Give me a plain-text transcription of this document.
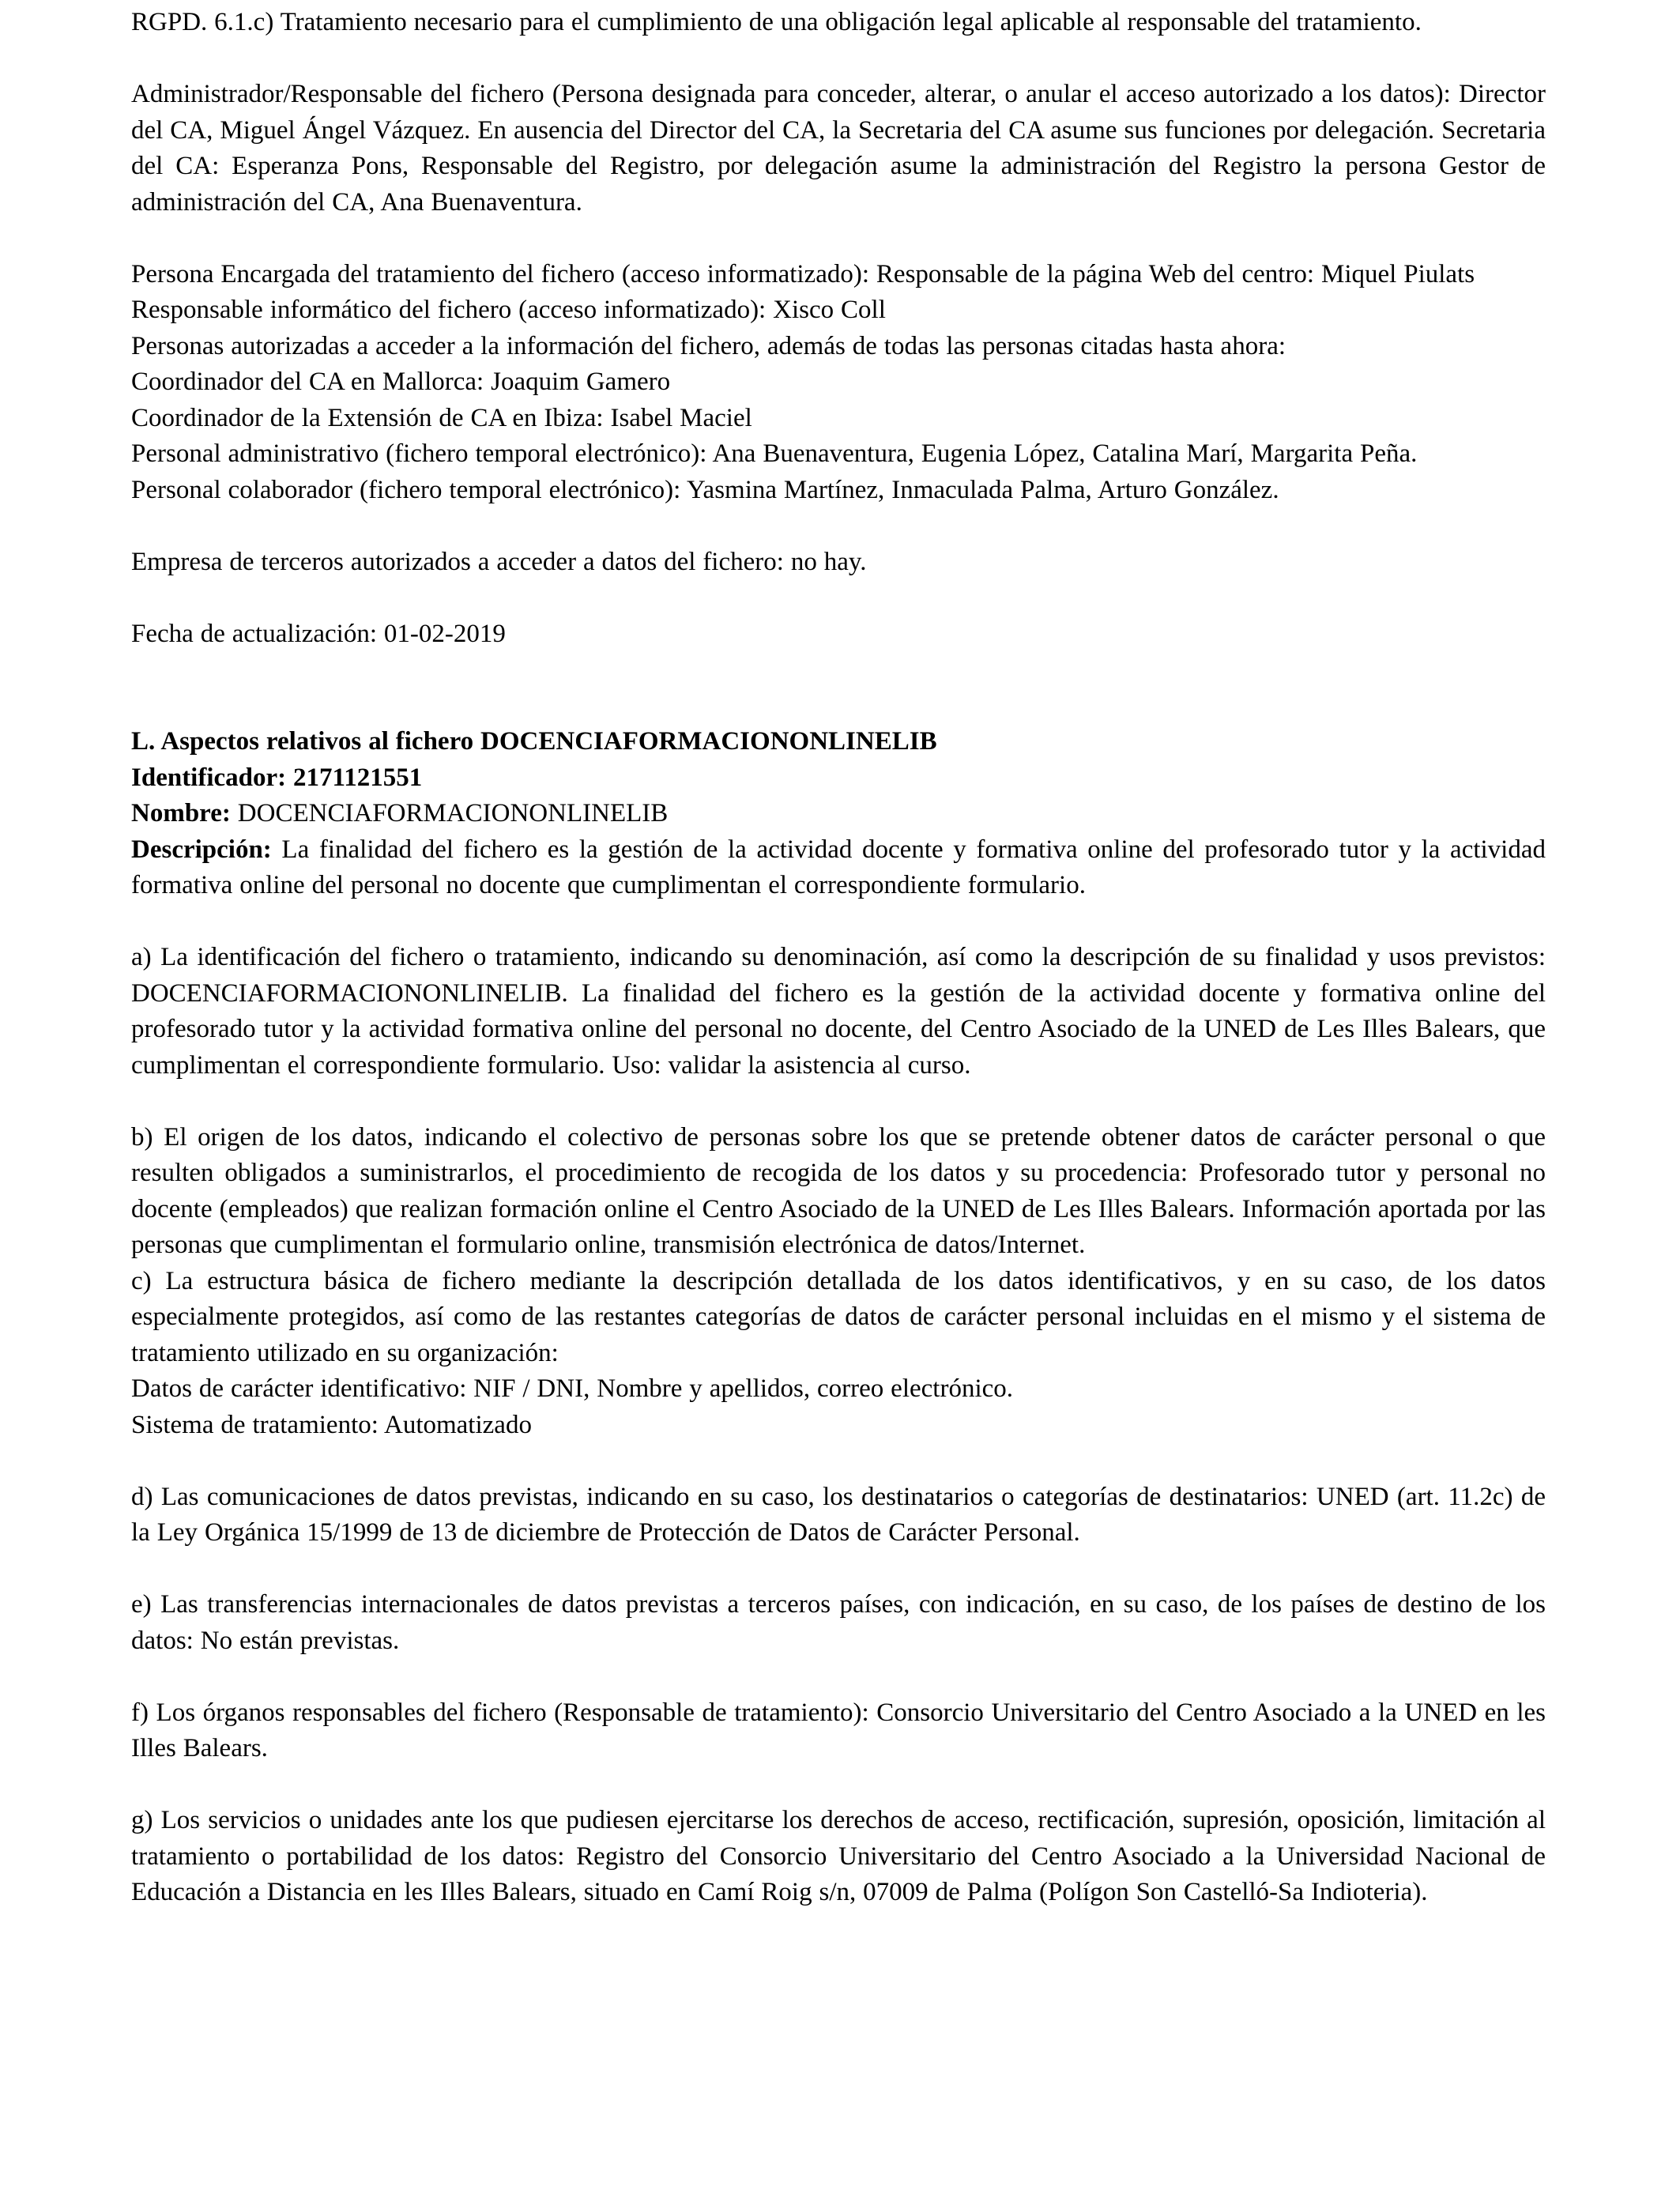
RGPD. 6.1.c) Tratamiento necesario para el cumplimiento de una obligación legal aplicable al responsable del tratamiento.

Administrador/Responsable del fichero (Persona designada para conceder, alterar, o anular el acceso autorizado a los datos): Director del CA, Miguel Ángel Vázquez. En ausencia del Director del CA, la Secretaria del CA asume sus funciones por delegación. Secretaria del CA: Esperanza Pons, Responsable del Registro, por delegación asume la administración del Registro la persona Gestor de administración del CA, Ana Buenaventura.

Persona Encargada del tratamiento del fichero (acceso informatizado): Responsable de la página Web del centro: Miquel Piulats

Responsable informático del fichero (acceso informatizado): Xisco Coll

Personas autorizadas a acceder a la información del fichero, además de todas las personas citadas hasta ahora:

Coordinador del CA en Mallorca: Joaquim Gamero

Coordinador de la Extensión de CA en Ibiza: Isabel Maciel

Personal administrativo (fichero temporal electrónico): Ana Buenaventura, Eugenia López, Catalina Marí, Margarita Peña.

Personal colaborador (fichero temporal electrónico): Yasmina Martínez, Inmaculada Palma, Arturo González.

Empresa de terceros autorizados a acceder a datos del fichero: no hay.

Fecha de actualización: 01-02-2019

L. Aspectos relativos al fichero DOCENCIAFORMACIONONLINELIB

Identificador: 2171121551

Nombre: DOCENCIAFORMACIONONLINELIB

Descripción: La finalidad del fichero es la gestión de la actividad docente y formativa online del profesorado tutor y la actividad formativa online del personal no docente que cumplimentan el correspondiente formulario.

a) La identificación del fichero o tratamiento, indicando su denominación, así como la descripción de su finalidad y usos previstos: DOCENCIAFORMACIONONLINELIB. La finalidad del fichero es la gestión de la actividad docente y formativa online del profesorado tutor y la actividad formativa online del personal no docente, del Centro Asociado de la UNED de Les Illes Balears, que cumplimentan el correspondiente formulario. Uso: validar la asistencia al curso.

b) El origen de los datos, indicando el colectivo de personas sobre los que se pretende obtener datos de carácter personal o que resulten obligados a suministrarlos, el procedimiento de recogida de los datos y su procedencia: Profesorado tutor y personal no docente (empleados) que realizan formación online el Centro Asociado de la UNED de Les Illes Balears. Información aportada por las personas que cumplimentan el formulario online, transmisión electrónica de datos/Internet.

c) La estructura básica de fichero mediante la descripción detallada de los datos identificativos, y en su caso, de los datos especialmente protegidos, así como de las restantes categorías de datos de carácter personal incluidas en el mismo y el sistema de tratamiento utilizado en su organización:

Datos de carácter identificativo: NIF / DNI, Nombre y apellidos, correo electrónico.

Sistema de tratamiento: Automatizado

d) Las comunicaciones de datos previstas, indicando en su caso, los destinatarios o categorías de destinatarios: UNED (art. 11.2c) de la Ley Orgánica 15/1999 de 13 de diciembre de Protección de Datos de Carácter Personal.

e) Las transferencias internacionales de datos previstas a terceros países, con indicación, en su caso, de los países de destino de los datos: No están previstas.

f) Los órganos responsables del fichero (Responsable de tratamiento): Consorcio Universitario del Centro Asociado a la UNED en les Illes Balears.

g) Los servicios o unidades ante los que pudiesen ejercitarse los derechos de acceso, rectificación, supresión, oposición, limitación al tratamiento o portabilidad de los datos: Registro del Consorcio Universitario del Centro Asociado a la Universidad Nacional de Educación a Distancia en les Illes Balears, situado en Camí Roig s/n, 07009 de Palma (Polígon Son Castelló-Sa Indioteria).
